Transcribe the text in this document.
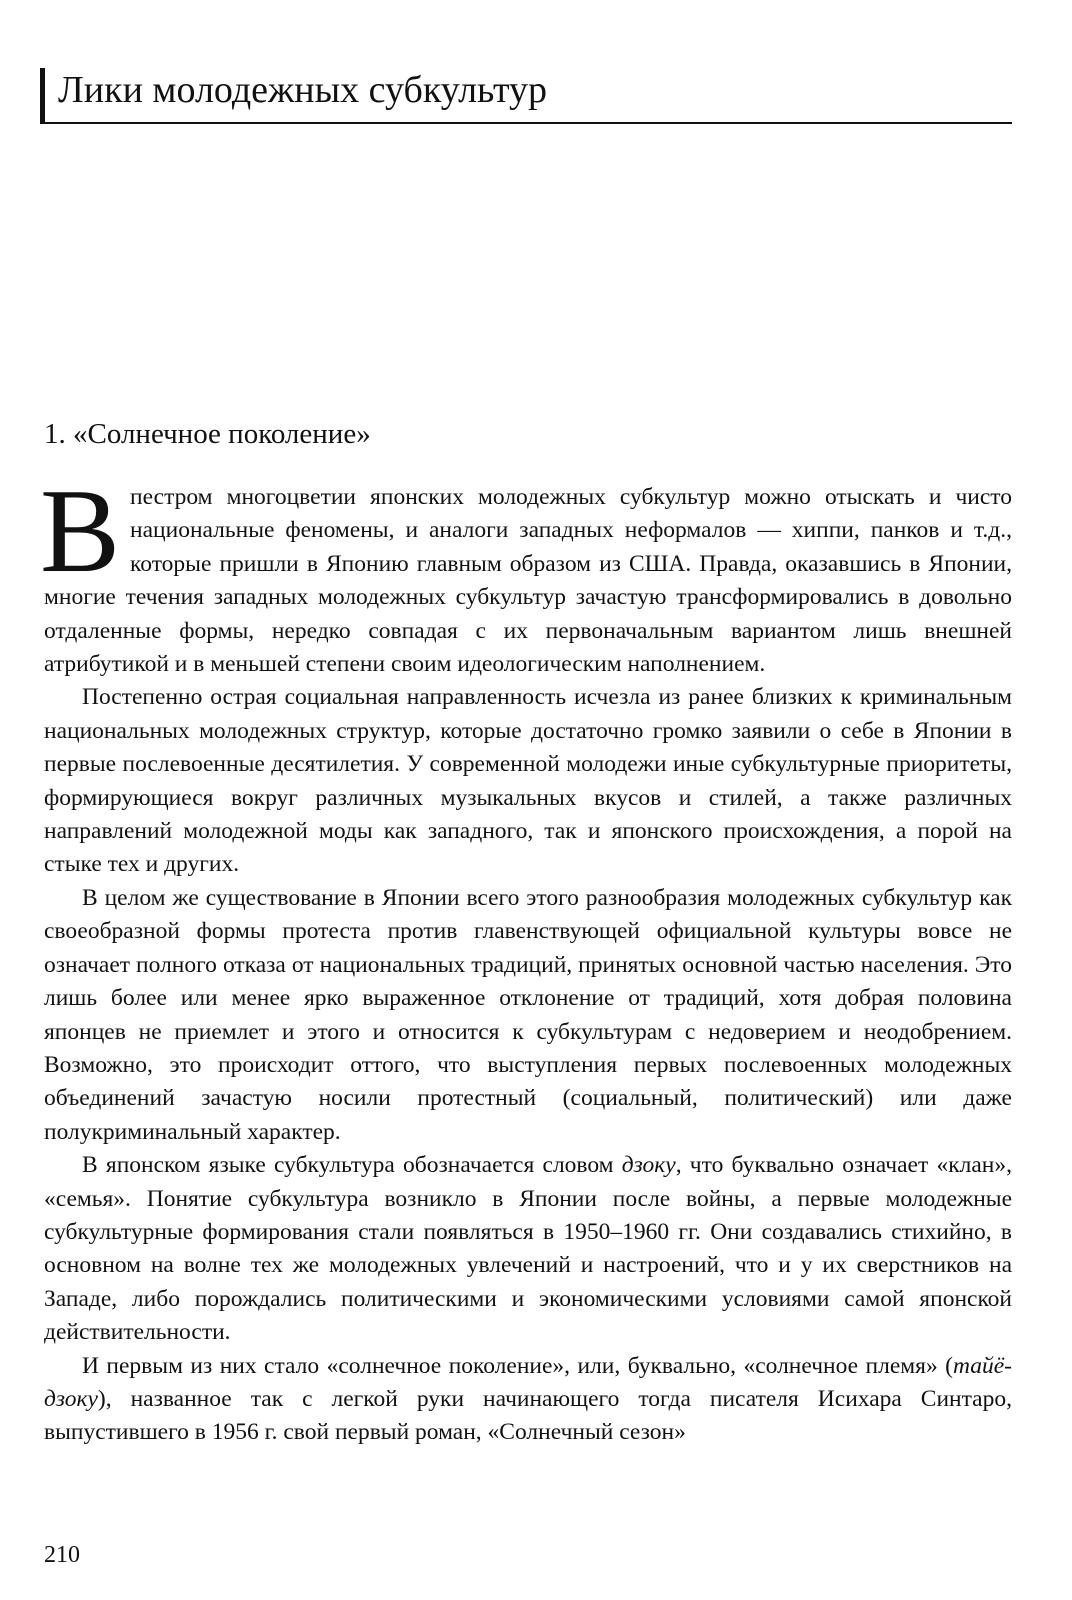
Лики молодежных субкультур
1. «Солнечное поколение»

В пестром многоцветии японских молодежных субкультур можно отыскать и чисто национальные феномены, и аналоги западных неформалов — хиппи, панков и т.д., которые пришли в Японию главным образом из США. Правда, оказавшись в Японии, многие течения западных молодежных субкультур зачастую трансформировались в довольно отдаленные формы, нередко совпадая с их первоначальным вариантом лишь внешней атрибутикой и в меньшей степени своим идеологическим наполнением.

Постепенно острая социальная направленность исчезла из ранее близких к криминальным национальных молодежных структур, которые достаточно громко заявили о себе в Японии в первые послевоенные десятилетия. У современной молодежи иные субкультурные приоритеты, формирующиеся вокруг различных музыкальных вкусов и стилей, а также различных направлений молодежной моды как западного, так и японского происхождения, а порой на стыке тех и других.

В целом же существование в Японии всего этого разнообразия молодежных субкультур как своеобразной формы протеста против главенствующей официальной культуры вовсе не означает полного отказа от национальных традиций, принятых основной частью населения. Это лишь более или менее ярко выраженное отклонение от традиций, хотя добрая половина японцев не приемлет и этого и относится к субкультурам с недоверием и неодобрением. Возможно, это происходит оттого, что выступления первых послевоенных молодежных объединений зачастую носили протестный (социальный, политический) или даже полукриминальный характер.

В японском языке субкультура обозначается словом дзоку, что буквально означает «клан», «семья». Понятие субкультура возникло в Японии после войны, а первые молодежные субкультурные формирования стали появляться в 1950–1960 гг. Они создавались стихийно, в основном на волне тех же молодежных увлечений и настроений, что и у их сверстников на Западе, либо порождались политическими и экономическими условиями самой японской действительности.

И первым из них стало «солнечное поколение», или, буквально, «солнечное племя» (тайё-дзоку), названное так с легкой руки начинающего тогда писателя Исихара Синтаро, выпустившего в 1956 г. свой первый роман, «Солнечный сезон»

210
